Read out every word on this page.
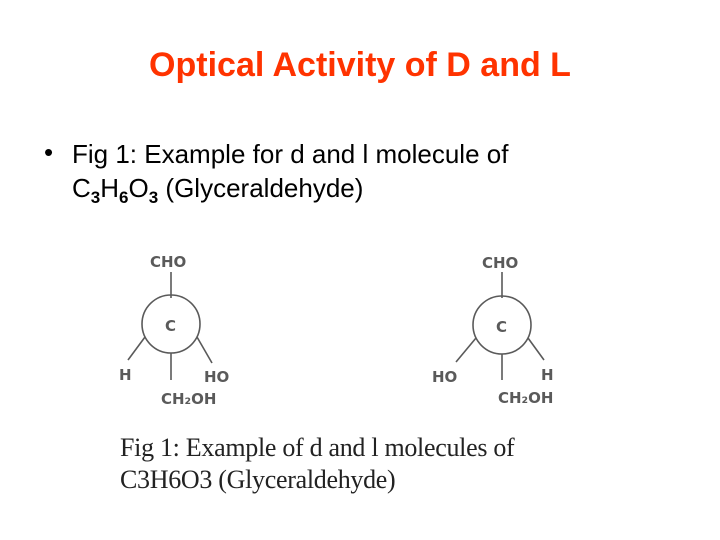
Optical Activity of D and L
• Fig 1: Example for d and l molecule of
$C_3H_6O_3$ (Glyceraldehyde)
CHO
C
H	HO
CH₂OH
CHO
C
HO	H
CH₂OH
Fig 1: Example of d and l molecules of
C3H6O3 (Glyceraldehyde)
